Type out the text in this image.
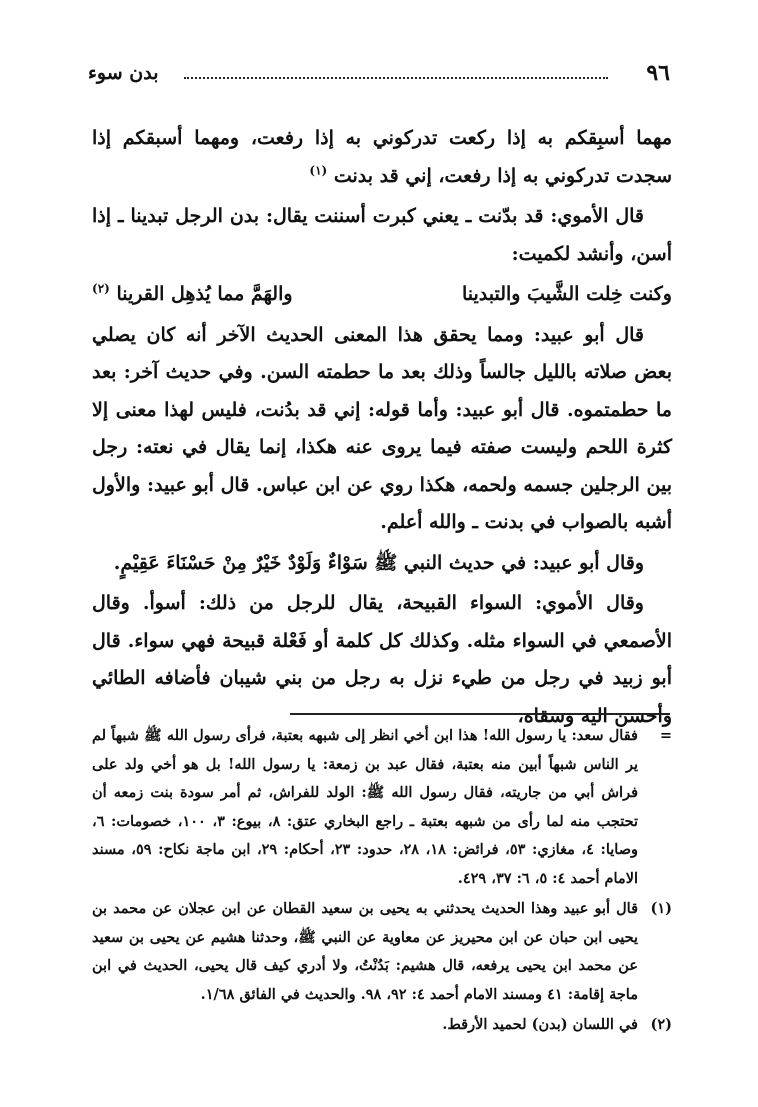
بدن سوء	٩٦

مهما أسبِقكم به إذا ركعت تدركوني به إذا رفعت، ومهما أسبقكم إذا سجدت تدركوني به إذا رفعت، إني قد بدنت $^{(١)}$

قال الأموي: قد بدّنت ـ يعني كبرت أسننت يقال: بدن الرجل تبدينا ـ إذا أسن، وأنشد لكميت:

وكنت خِلت الشَّيبَ والتبدينا
والهَمَّ مما يُذهِل القرينا $^{(٢)}$

قال أبو عبيد: ومما يحقق هذا المعنى الحديث الآخر أنه كان يصلي بعض صلاته بالليل جالساً وذلك بعد ما حطمته السن. وفي حديث آخر: بعد ما حطمتموه. قال أبو عبيد: وأما قوله: إني قد بدُنت، فليس لهذا معنى إلا كثرة اللحم وليست صفته فيما يروى عنه هكذا، إنما يقال في نعته: رجل بين الرجلين جسمه ولحمه، هكذا روي عن ابن عباس. قال أبو عبيد: والأول أشبه بالصواب في بدنت ـ والله أعلم.

وقال أبو عبيد: في حديث النبي ﷺ سَوْاءٌ وَلَوْدٌ خَيْرٌ مِنْ حَسْنَاءَ عَقِيْمٍ.

وقال الأموي: السواء القبيحة، يقال للرجل من ذلك: أسوأ. وقال الأصمعي في السواء مثله. وكذلك كل كلمة أو فَعْلة قبيحة فهي سواء. قال أبو زبيد في رجل من طيء نزل به رجل من بني شيبان فأضافه الطائي وأحسن اليه وسقاه،

=
فقال سعد: يا رسول الله! هذا ابن أخي انظر إلى شبهه بعتبة، فرأى رسول الله ﷺ شبهاً لم ير الناس شبهاً أبين منه بعتبة، فقال عبد بن زمعة: يا رسول الله! بل هو أخي ولد على فراش أبي من جاريته، فقال رسول الله ﷺ: الولد للفراش، ثم أمر سودة بنت زمعه أن تحتجب منه لما رأى من شبهه بعتبة ـ راجع البخاري عتق: ٨، بيوع: ٣، ١٠٠، خصومات: ٦، وصايا: ٤، مغازي: ٥٣، فرائض: ١٨، ٢٨، حدود: ٢٣، أحكام: ٢٩، ابن ماجة نكاح: ٥٩، مسند الامام أحمد ٤: ٥، ٦: ٣٧، ٤٢٩.
(١)
قال أبو عبيد وهذا الحديث يحدثني به يحيى بن سعيد القطان عن ابن عجلان عن محمد بن يحيى ابن حبان عن ابن محيريز عن معاوية عن النبي ﷺ، وحدثنا هشيم عن يحيى بن سعيد عن محمد ابن يحيى يرفعه، قال هشيم: بَدُنْتُ، ولا أدري كيف قال يحيى، الحديث في ابن ماجة إقامة: ٤١ ومسند الامام أحمد ٤: ٩٢، ٩٨. والحديث في الفائق ١/٦٨.
(٢)
في اللسان (بدن) لحميد الأرقط.
